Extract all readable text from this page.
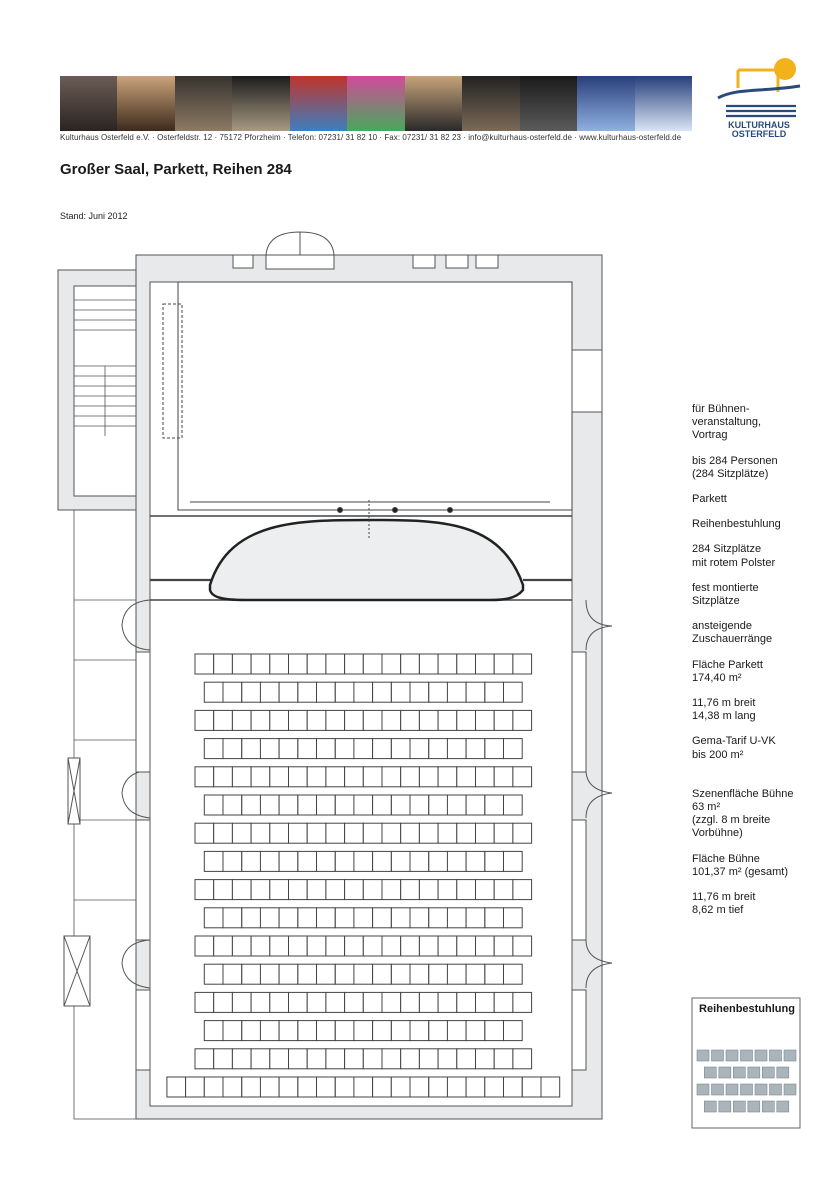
Kulturhaus Osterfeld e.V. · Osterfeldstr. 12 · 75172 Pforzheim · Telefon: 07231/ 31 82 10 · Fax: 07231/ 31 82 23 · info@kulturhaus-osterfeld.de · www.kulturhaus-osterfeld.de
KULTURHAUS
OSTERFELD
Großer Saal, Parkett, Reihen 284
Stand: Juni 2012
Reihenbestuhlung
für Bühnen-
veranstaltung,
Vortrag
bis 284 Personen
(284 Sitzplätze)
Parkett
Reihenbestuhlung
284 Sitzplätze
mit rotem Polster
fest montierte
Sitzplätze
ansteigende
Zuschauerränge
Fläche Parkett
174,40 m²
11,76 m breit
14,38 m lang
Gema-Tarif U-VK
bis 200 m²
Szenenfläche Bühne
63 m²
(zzgl. 8 m breite
Vorbühne)
Fläche Bühne
101,37 m² (gesamt)
11,76 m breit
8,62 m tief
